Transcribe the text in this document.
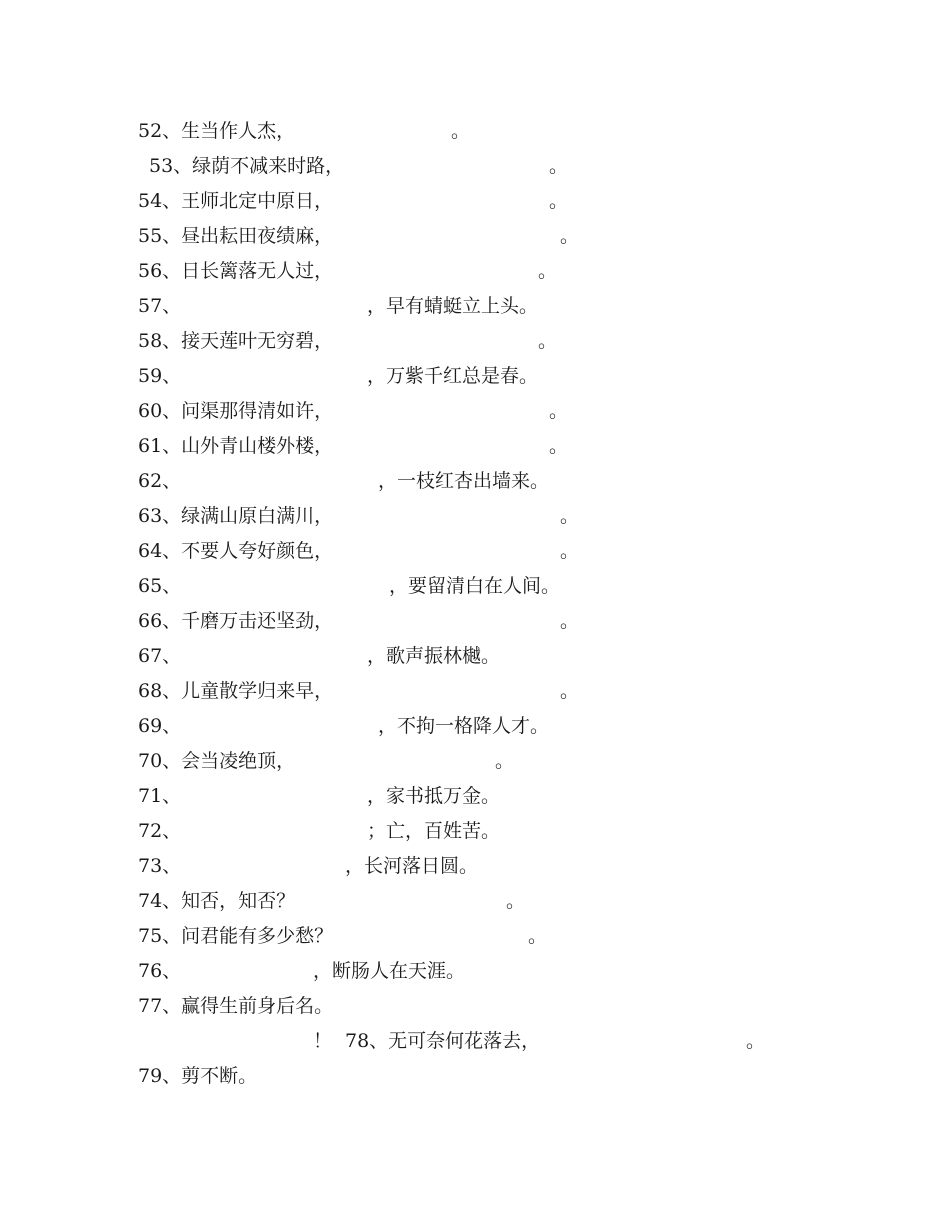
52、生当作人杰，	。
53、绿荫不减来时路，	。
54、王师北定中原日，	。
55、昼出耘田夜绩麻，	。
56、日长篱落无人过，	。
57、	，早有蜻蜓立上头。
58、接天莲叶无穷碧，	。
59、	，万紫千红总是春。
60、问渠那得清如许，	。
61、山外青山楼外楼，	。
62、	，一枝红杏出墙来。
63、绿满山原白满川，	。
64、不要人夸好颜色，	。
65、	，要留清白在人间。
66、千磨万击还坚劲，	。
67、	，歌声振林樾。
68、儿童散学归来早，	。
69、	，不拘一格降人才。
70、会当凌绝顶，	。
71、	，家书抵万金。
72、	；亡，百姓苦。
73、	，长河落日圆。
74、知否，知否？	。
75、问君能有多少愁？	。
76、	，断肠人在天涯。
77、赢得生前身后名。
！ 78、无可奈何花落去，	。
79、剪不断。
